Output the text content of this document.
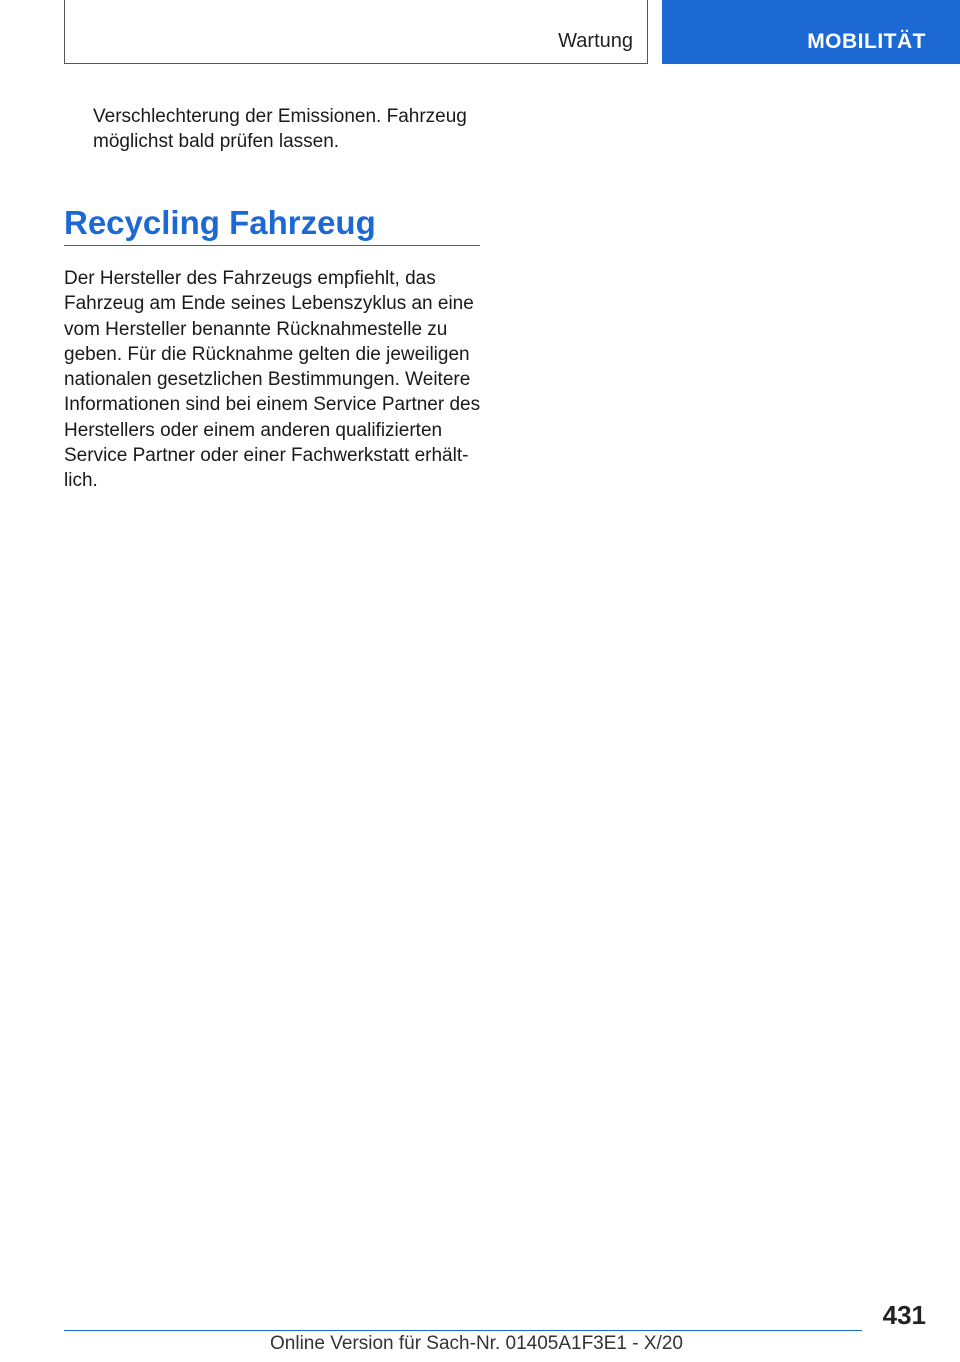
Wartung	MOBILITÄT
Verschlechterung der Emissionen. Fahrzeug möglichst bald prüfen lassen.
Recycling Fahrzeug
Der Hersteller des Fahrzeugs empfiehlt, das Fahrzeug am Ende seines Lebenszyklus an eine vom Hersteller benannte Rücknahmestelle zu geben. Für die Rücknahme gelten die jeweiligen nationalen gesetzlichen Bestimmungen. Weitere Informationen sind bei einem Service Partner des Herstellers oder einem anderen qualifizierten Service Partner oder einer Fachwerkstatt erhältlich.
431
Online Version für Sach-Nr. 01405A1F3E1 - X/20
